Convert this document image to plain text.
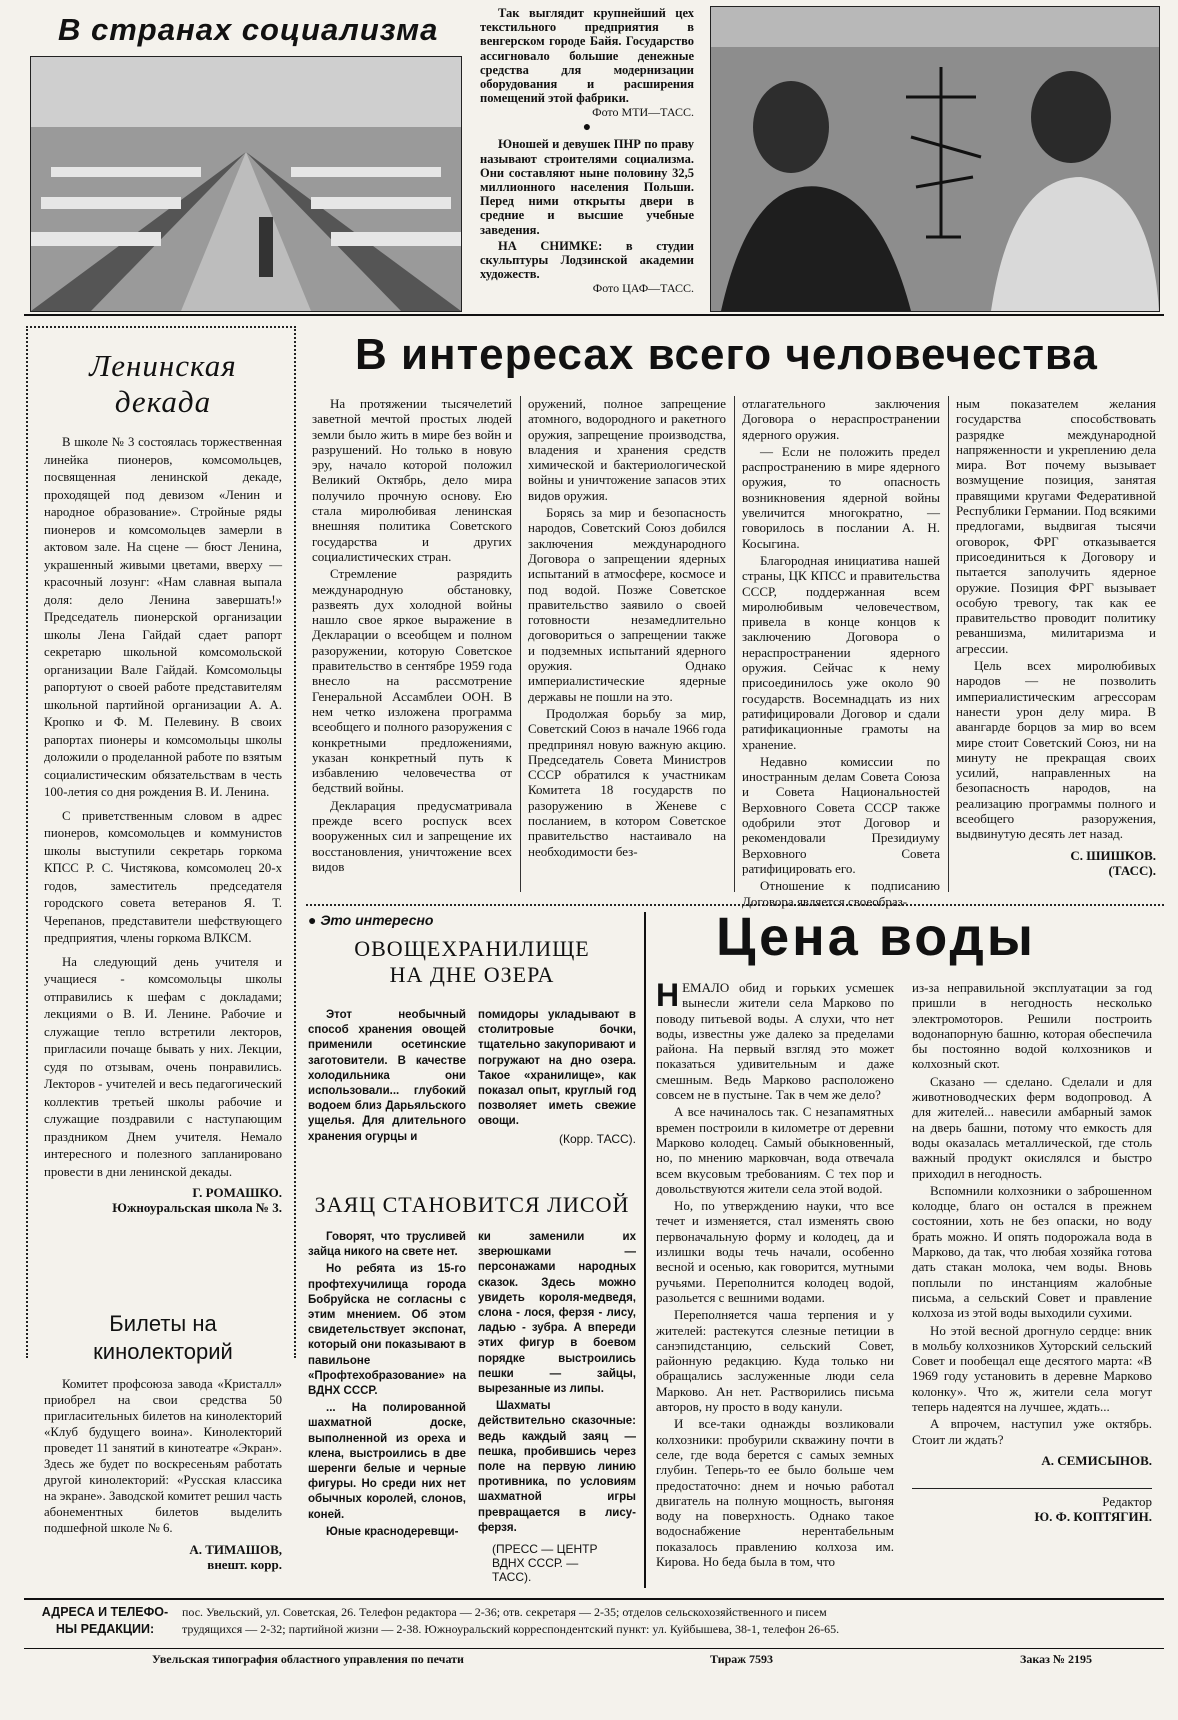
В странах социализма	Так выглядит крупнейший цех текстильного предприятия в венгерском городе Байя. Государство ассигновало большие денежные средства для модернизации оборудования и расширения помещений этой фабрики.

Фото МТИ—ТАСС.
●

Юношей и девушек ПНР по праву называют строителями социализма. Они составляют ныне половину 32,5 миллионного населения Польши. Перед ними открыты двери в средние и высшие учебные заведения.

НА СНИМКЕ: в студии скульптуры Лодзинской академии художеств.

Фото ЦАФ—ТАСС.
Ленинская
декада

В школе № 3 состоялась торжественная линейка пионеров, комсомольцев, посвященная ленинской декаде, проходящей под девизом «Ленин и народное образование». Стройные ряды пионеров и комсомольцев замерли в актовом зале. На сцене — бюст Ленина, украшенный живыми цветами, вверху — красочный лозунг: «Нам славная выпала доля: дело Ленина завершать!» Председатель пионерской организации школы Лена Гайдай сдает рапорт секретарю школьной комсомольской организации Вале Гайдай. Комсомольцы рапортуют о своей работе представителям школьной партийной организации А. А. Кропко и Ф. М. Пелевину. В своих рапортах пионеры и комсомольцы школы доложили о проделанной работе по взятым социалистическим обязательствам в честь 100-летия со дня рождения В. И. Ленина.

С приветственным словом в адрес пионеров, комсомольцев и коммунистов школы выступили секретарь горкома КПСС Р. С. Чистякова, комсомолец 20-х годов, заместитель председателя городского совета ветеранов Я. Т. Черепанов, представители шефствующего предприятия, члены горкома ВЛКСМ.

На следующий день учителя и учащиеся - комсомольцы школы отправились к шефам с докладами; лекциями о В. И. Ленине. Рабочие и служащие тепло встретили лекторов, пригласили почаще бывать у них. Лекции, судя по отзывам, очень понравились. Лекторов - учителей и весь педагогический коллектив третьей школы рабочие и служащие поздравили с наступающим праздником Днем учителя. Немало интересного и полезного запланировано провести в дни ленинской декады.

Г. РОМАШКО.
Южноуральская школа № 3.
Билеты на
кинолекторий

Комитет профсоюза завода «Кристалл» приобрел на свои средства 50 пригласительных билетов на кинолекторий «Клуб будущего воина». Кинолекторий проведет 11 занятий в кинотеатре «Экран». Здесь же будет по воскресеньям работать другой кинолекторий: «Русская классика на экране». Заводской комитет решил часть абонементных билетов выделить подшефной школе № 6.

А. ТИМАШОВ,
внешт. корр.
В интересах всего человечества

На протяжении тысячелетий заветной мечтой простых людей земли было жить в мире без войн и разрушений. Но только в новую эру, начало которой положил Великий Октябрь, дело мира получило прочную основу. Ею стала миролюбивая ленинская внешняя политика Советского государства и других социалистических стран.

Стремление разрядить международную обстановку, развеять дух холодной войны нашло свое яркое выражение в Декларации о всеобщем и полном разоружении, которую Советское правительство в сентябре 1959 года внесло на рассмотрение Генеральной Ассамблеи ООН. В нем четко изложена программа всеобщего и полного разоружения с конкретными предложениями, указан конкретный путь к избавлению человечества от бедствий войны.

Декларация предусматривала прежде всего роспуск всех вооруженных сил и запрещение их восстановления, уничтожение всех видов

оружений, полное запрещение атомного, водородного и ракетного оружия, запрещение производства, владения и хранения средств химической и бактериологической войны и уничтожение запасов этих видов оружия.

Борясь за мир и безопасность народов, Советский Союз добился заключения международного Договора о запрещении ядерных испытаний в атмосфере, космосе и под водой. Позже Советское правительство заявило о своей готовности незамедлительно договориться о запрещении также и подземных испытаний ядерного оружия. Однако империалистические ядерные державы не пошли на это.

Продолжая борьбу за мир, Советский Союз в начале 1966 года предпринял новую важную акцию. Председатель Совета Министров СССР обратился к участникам Комитета 18 государств по разоружению в Женеве с посланием, в котором Советское правительство настаивало на необходимости без-

отлагательного заключения Договора о нераспространении ядерного оружия.

— Если не положить предел распространению в мире ядерного оружия, то опасность возникновения ядерной войны увеличится многократно, — говорилось в послании А. Н. Косыгина.

Благородная инициатива нашей страны, ЦК КПСС и правительства СССР, поддержанная всем миролюбивым человечеством, привела в конце концов к заключению Договора о нераспространении ядерного оружия. Сейчас к нему присоединилось уже около 90 государств. Восемнадцать из них ратифицировали Договор и сдали ратификационные грамоты на хранение.

Недавно комиссии по иностранным делам Совета Союза и Совета Национальностей Верховного Совета СССР также одобрили этот Договор и рекомендовали Президиуму Верховного Совета ратифицировать его.

Отношение к подписанию Договора является своеобраз-

ным показателем желания государства способствовать разрядке международной напряженности и укреплению дела мира. Вот почему вызывает возмущение позиция, занятая правящими кругами Федеративной Республики Германии. Под всякими предлогами, выдвигая тысячи оговорок, ФРГ отказывается присоединиться к Договору и пытается заполучить ядерное оружие. Позиция ФРГ вызывает особую тревогу, так как ее правительство проводит политику реваншизма, милитаризма и агрессии.

Цель всех миролюбивых народов — не позволить империалистическим агрессорам нанести урон делу мира. В авангарде борцов за мир во всем мире стоит Советский Союз, ни на минуту не прекращая своих усилий, направленных на безопасность народов, на реализацию программы полного и всеобщего разоружения, выдвинутую десять лет назад.

С. ШИШКОВ.
(ТАСС).
● Это интересно
ОВОЩЕХРАНИЛИЩЕ
НА ДНЕ ОЗЕРА

Этот необычный способ хранения овощей применили осетинские заготовители. В качестве холодильника они использовали... глубокий водоем близ Дарьяльского ущелья. Для длительного хранения огурцы и

помидоры укладывают в столитровые бочки, тщательно закупоривают и погружают на дно озера. Такое «хранилище», как показал опыт, круглый год позволяет иметь свежие овощи.

(Корр. ТАСС).
ЗАЯЦ СТАНОВИТСЯ ЛИСОЙ

Говорят, что трусливей зайца никого на свете нет.

Но ребята из 15-го профтехучилища города Бобруйска не согласны с этим мнением. Об этом свидетельствует экспонат, который они показывают в павильоне «Профтехобразование» на ВДНХ СССР.

... На полированной шахматной доске, выполненной из ореха и клена, выстроились в две шеренги белые и черные фигуры. Но среди них нет обычных королей, слонов, коней.

Юные краснодеревщи-

ки заменили их зверюшками — персонажами народных сказок. Здесь можно увидеть короля-медведя, слона - лося, ферзя - лису, ладью - зубра. А впереди этих фигур в боевом порядке выстроились пешки — зайцы, вырезанные из липы.

Шахматы действительно сказочные: ведь каждый заяц — пешка, пробившись через поле на первую линию противника, по условиям шахматной игры превращается в лису-ферзя.

(ПРЕСС — ЦЕНТР
ВДНХ СССР. —
ТАСС).
Цена воды

НЕМАЛО обид и горьких усмешек вынесли жители села Марково по поводу питьевой воды. А слухи, что нет воды, известны уже далеко за пределами района. На первый взгляд это может показаться удивительным и даже смешным. Ведь Марково расположено совсем не в пустыне. Так в чем же дело?

А все начиналось так. С незапамятных времен построили в километре от деревни Марково колодец. Самый обыкновенный, но, по мнению марковчан, вода отвечала всем вкусовым требованиям. С тех пор и довольствуются жители села этой водой.

Но, по утверждению науки, что все течет и изменяется, стал изменять свою первоначальную форму и колодец, да и излишки воды течь начали, особенно весной и осенью, как говорится, мутными ручьями. Переполнится колодец водой, разольется с вешними водами.

Переполняется чаша терпения и у жителей: растекутся слезные петиции в санэпидстанцию, сельский Совет, районную редакцию. Куда только ни обращались заслуженные люди села Марково. Ан нет. Растворились письма авторов, ну просто в воду канули.

И все-таки однажды возликовали колхозники: пробурили скважину почти в селе, где вода берется с самых земных глубин. Теперь-то ее было больше чем предостаточно: днем и ночью работал двигатель на полную мощность, выгоняя воду на поверхность. Однако такое водоснабжение нерентабельным показалось правлению колхоза им. Кирова. Но беда была в том, что

из-за неправильной эксплуатации за год пришли в негодность несколько электромоторов. Решили построить водонапорную башню, которая обеспечила бы постоянно водой колхозников и колхозный скот.

Сказано — сделано. Сделали и для животноводческих ферм водопровод. А для жителей... навесили амбарный замок на дверь башни, потому что емкость для воды оказалась металлической, где столь важный продукт окислялся и быстро приходил в негодность.

Вспомнили колхозники о заброшенном колодце, благо он остался в прежнем состоянии, хоть не без опаски, но воду брать можно. И опять подорожала вода в Марково, да так, что любая хозяйка готова дать стакан молока, чем воды. Вновь поплыли по инстанциям жалобные письма, а сельский Совет и правление колхоза из этой воды выходили сухими.

Но этой весной дрогнуло сердце: вник в мольбу колхозников Хуторский сельский Совет и пообещал еще десятого марта: «В 1969 году установить в деревне Марково колонку». Что ж, жители села могут теперь надеятся на лучшее, ждать...

А впрочем, наступил уже октябрь. Стоит ли ждать?

А. СЕМИСЫНОВ.
Редактор
Ю. Ф. КОПТЯГИН.
АДРЕСА И ТЕЛЕФО-
НЫ РЕДАКЦИИ:
пос. Увельский, ул. Советская, 26. Телефон редактора — 2-36; отв. секретаря — 2-35; отделов сельскохозяйственного и писем
трудящихся — 2-32; партийной жизни — 2-38. Южноуральский корреспондентский пункт: ул. Куйбышева, 38-1, телефон 26-65.
Увельская типография областного управления по печати	Тираж 7593	Заказ № 2195
